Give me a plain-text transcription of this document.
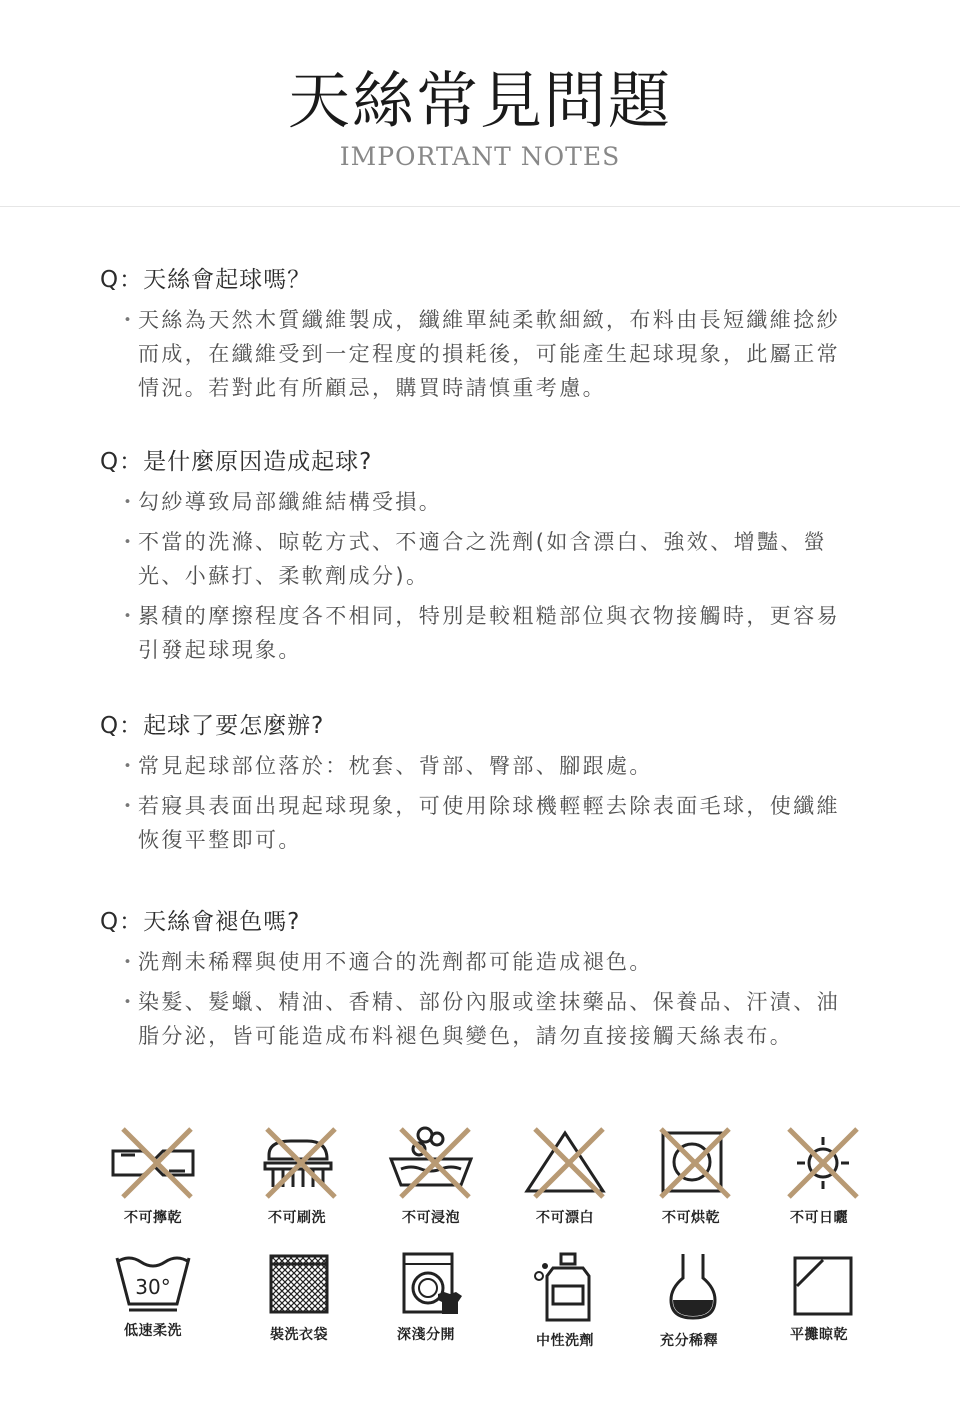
天絲常見問題
IMPORTANT NOTES
Q：天絲會起球嗎？
・
天絲為天然木質纖維製成，纖維單純柔軟細緻，布料由長短纖維捻紗而成，在纖維受到一定程度的損耗後，可能產生起球現象，此屬正常情況。若對此有所顧忌，購買時請慎重考慮。
Q：是什麼原因造成起球?
・
勾紗導致局部纖維結構受損。
・
不當的洗滌、晾乾方式、不適合之洗劑(如含漂白、強效、增豔、螢光、小蘇打、柔軟劑成分)。
・
累積的摩擦程度各不相同，特別是較粗糙部位與衣物接觸時，更容易引發起球現象。
Q：起球了要怎麼辦?
・
常見起球部位落於：枕套、背部、臀部、腳跟處。
・
若寢具表面出現起球現象，可使用除球機輕輕去除表面毛球，使纖維恢復平整即可。
Q：天絲會褪色嗎?
・
洗劑未稀釋與使用不適合的洗劑都可能造成褪色。
・
染髮、髮蠟、精油、香精、部份內服或塗抹藥品、保養品、汗漬、油脂分泌，皆可能造成布料褪色與變色，請勿直接接觸天絲表布。
不可擰乾	不可刷洗	不可浸泡	不可漂白	不可烘乾	不可日曬
30°
低速柔洗	裝洗衣袋	深淺分開	中性洗劑	充分稀釋	平攤晾乾
